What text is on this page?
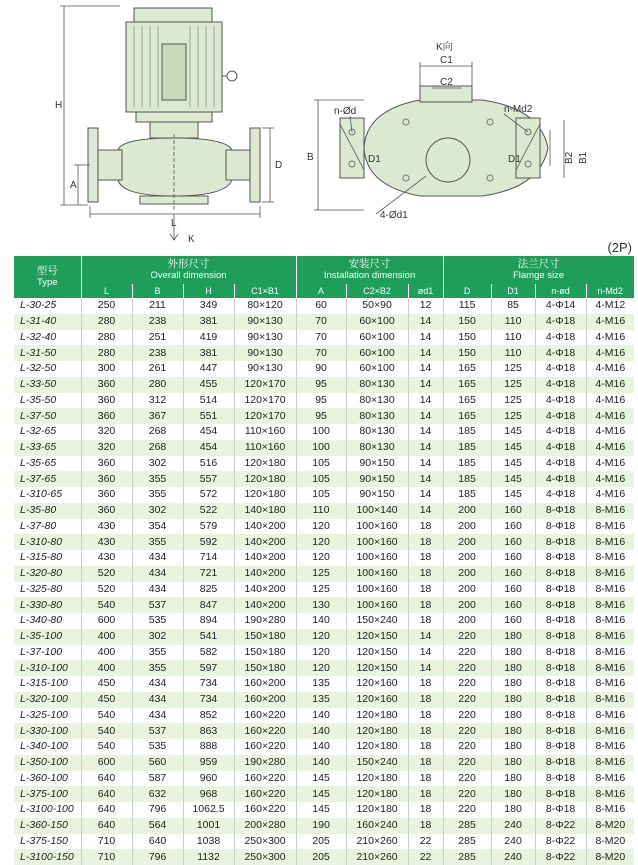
H
A
L
K
D
K向
C1
C2
n-Ød	n-Md2
B	B2 B1
D1	D1
4-Ød1
(2P)
型号
Type	外形尺寸
Overall dimension				安装尺寸
Installation dimension			法兰尺寸
Flamge size			

	L	B	H	C1×B1	A	C2×B2	ød1	D	D1	n-ød	n-Md2
L-30-25	250	211	349	80×120	60	50×90	12	115	85	4-Φ14	4-M12
L-31-40	280	238	381	90×130	70	60×100	14	150	110	4-Φ18	4-M16
L-32-40	280	251	419	90×130	70	60×100	14	150	110	4-Φ18	4-M16
L-31-50	280	238	381	90×130	70	60×100	14	150	110	4-Φ18	4-M16
L-32-50	300	261	447	90×130	90	60×100	14	165	125	4-Φ18	4-M16
L-33-50	360	280	455	120×170	95	80×130	14	165	125	4-Φ18	4-M16
L-35-50	360	312	514	120×170	95	80×130	14	165	125	4-Φ18	4-M16
L-37-50	360	367	551	120×170	95	80×130	14	165	125	4-Φ18	4-M16
L-32-65	320	268	454	110×160	100	80×130	14	185	145	4-Φ18	4-M16
L-33-65	320	268	454	110×160	100	80×130	14	185	145	4-Φ18	4-M16
L-35-65	360	302	516	120×180	105	90×150	14	185	145	4-Φ18	4-M16
L-37-65	360	355	557	120×180	105	90×150	14	185	145	4-Φ18	4-M16
L-310-65	360	355	572	120×180	105	90×150	14	185	145	4-Φ18	4-M16
L-35-80	360	302	522	140×180	110	100×140	14	200	160	8-Φ18	8-M16
L-37-80	430	354	579	140×200	120	100×160	18	200	160	8-Φ18	8-M16
L-310-80	430	355	592	140×200	120	100×160	18	200	160	8-Φ18	8-M16
L-315-80	430	434	714	140×200	120	100×160	18	200	160	8-Φ18	8-M16
L-320-80	520	434	721	140×200	125	100×160	18	200	160	8-Φ18	8-M16
L-325-80	520	434	825	140×200	125	100×160	18	200	160	8-Φ18	8-M16
L-330-80	540	537	847	140×200	130	100×160	18	200	160	8-Φ18	8-M16
L-340-80	600	535	894	190×280	140	150×240	18	200	160	8-Φ18	8-M16
L-35-100	400	302	541	150×180	120	120×150	14	220	180	8-Φ18	8-M16
L-37-100	400	355	582	150×180	120	120×150	14	220	180	8-Φ18	8-M16
L-310-100	400	355	597	150×180	120	120×150	14	220	180	8-Φ18	8-M16
L-315-100	450	434	734	160×200	135	120×160	18	220	180	8-Φ18	8-M16
L-320-100	450	434	734	160×200	135	120×160	18	220	180	8-Φ18	8-M16
L-325-100	540	434	852	160×220	140	120×180	18	220	180	8-Φ18	8-M16
L-330-100	540	537	863	160×220	140	120×180	18	220	180	8-Φ18	8-M16
L-340-100	540	535	888	160×220	140	120×180	18	220	180	8-Φ18	8-M16
L-350-100	600	560	959	190×280	140	150×240	18	220	180	8-Φ18	8-M16
L-360-100	640	587	960	160×220	145	120×180	18	220	180	8-Φ18	8-M16
L-375-100	640	632	968	160×220	145	120×180	18	220	180	8-Φ18	8-M16
L-3100-100	640	796	1062.5	160×220	145	120×180	18	220	180	8-Φ18	8-M16
L-360-150	640	564	1001	200×280	190	160×240	18	285	240	8-Φ22	8-M20
L-375-150	710	640	1038	250×300	205	210×260	22	285	240	8-Φ22	8-M20
L-3100-150	710	796	1132	250×300	205	210×260	22	285	240	8-Φ22	8-M20
